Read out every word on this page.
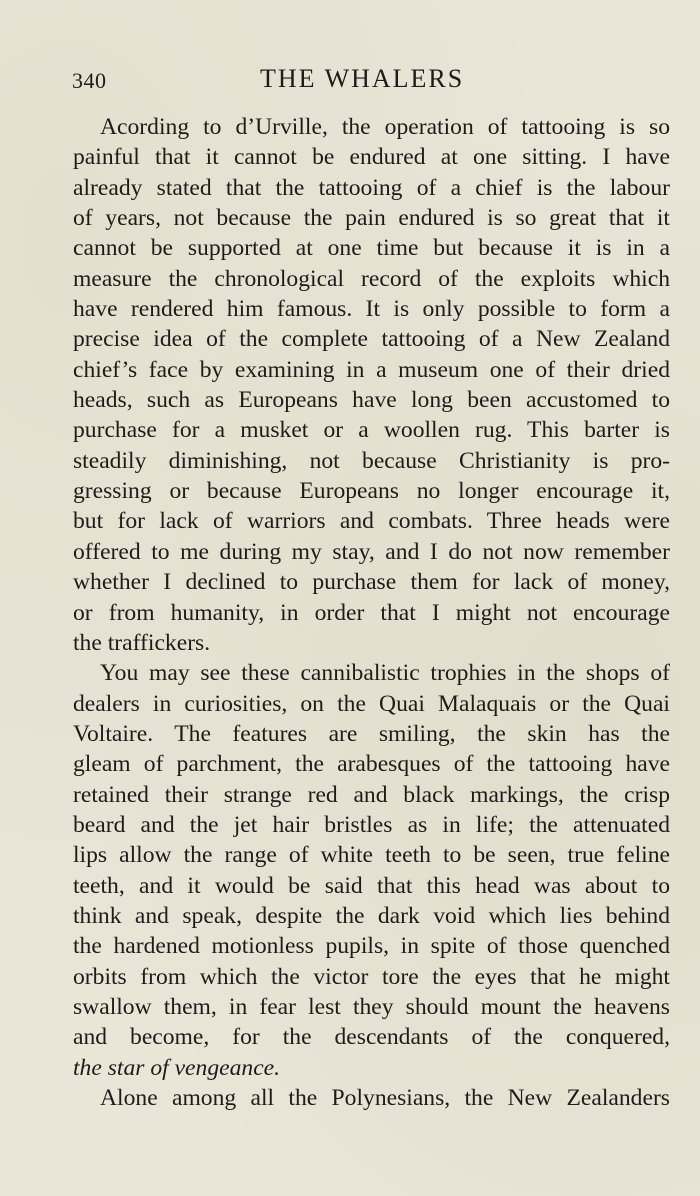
340	THE WHALERS
Acording to d’Urville, the operation of tattooing is so
painful that it cannot be endured at one sitting. I have
already stated that the tattooing of a chief is the labour
of years, not because the pain endured is so great that it
cannot be supported at one time but because it is in a
measure the chronological record of the exploits which
have rendered him famous. It is only possible to form a
precise idea of the complete tattooing of a New Zealand
chief’s face by examining in a museum one of their dried
heads, such as Europeans have long been accustomed to
purchase for a musket or a woollen rug. This barter is
steadily diminishing, not because Christianity is pro-
gressing or because Europeans no longer encourage it,
but for lack of warriors and combats. Three heads were
offered to me during my stay, and I do not now remember
whether I declined to purchase them for lack of money,
or from humanity, in order that I might not encourage
the traffickers.
You may see these cannibalistic trophies in the shops of
dealers in curiosities, on the Quai Malaquais or the Quai
Voltaire. The features are smiling, the skin has the
gleam of parchment, the arabesques of the tattooing have
retained their strange red and black markings, the crisp
beard and the jet hair bristles as in life; the attenuated
lips allow the range of white teeth to be seen, true feline
teeth, and it would be said that this head was about to
think and speak, despite the dark void which lies behind
the hardened motionless pupils, in spite of those quenched
orbits from which the victor tore the eyes that he might
swallow them, in fear lest they should mount the heavens
and become, for the descendants of the conquered,
the star of vengeance.
Alone among all the Polynesians, the New Zealanders
